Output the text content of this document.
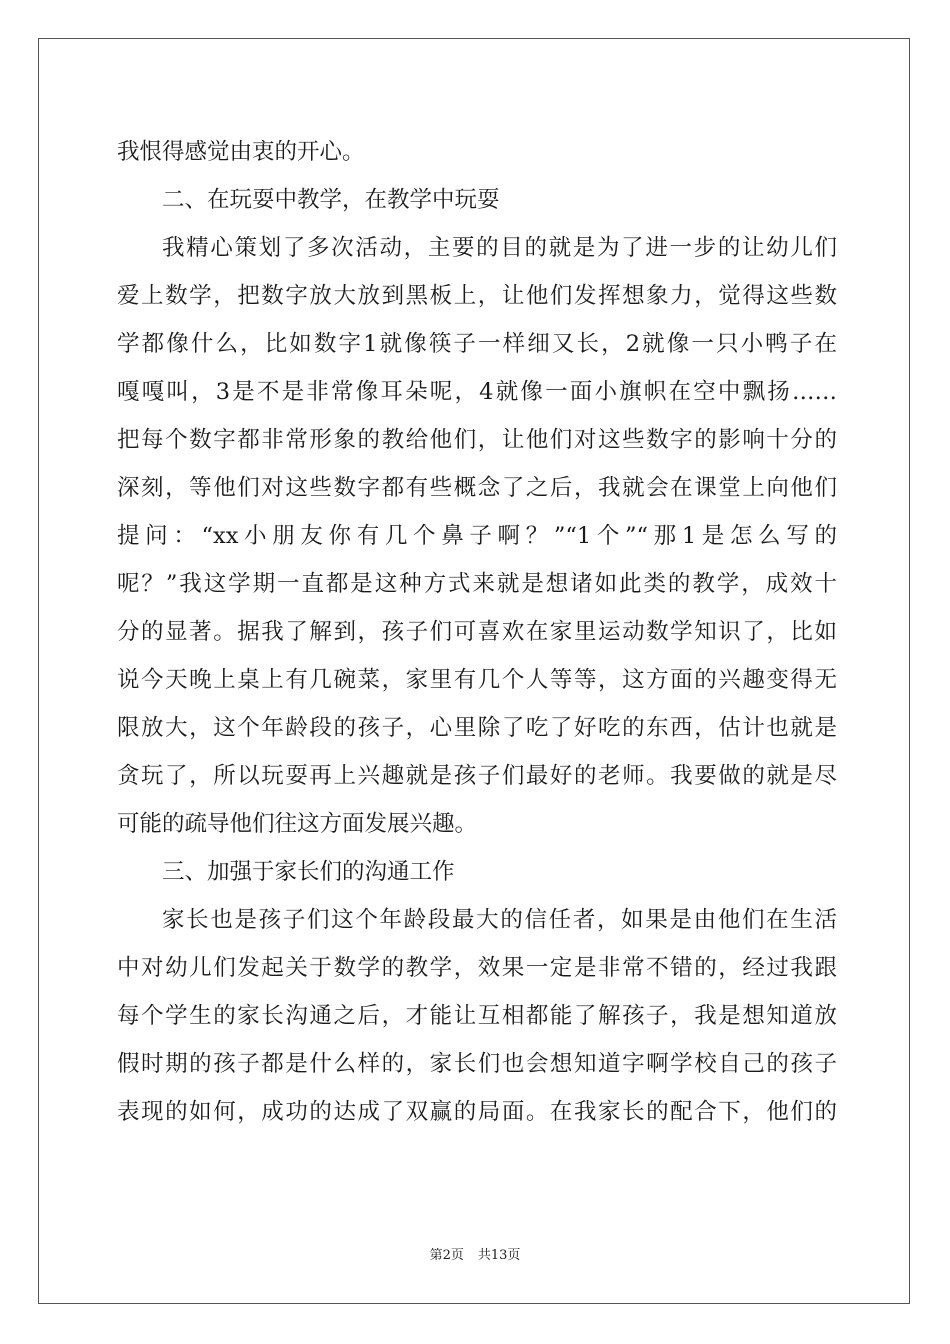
我恨得感觉由衷的开心。
二、在玩耍中教学，在教学中玩耍
我精心策划了多次活动，主要的目的就是为了进一步的让幼儿们
爱上数学，把数字放大放到黑板上，让他们发挥想象力，觉得这些数
学都像什么，比如数字1就像筷子一样细又长，2就像一只小鸭子在
嘎嘎叫，3是不是非常像耳朵呢，4就像一面小旗帜在空中飘扬……
把每个数字都非常形象的教给他们，让他们对这些数字的影响十分的
深刻，等他们对这些数字都有些概念了之后，我就会在课堂上向他们
提问：“xx小朋友你有几个鼻子啊？”“1个”“那1是怎么写的
呢？”我这学期一直都是这种方式来就是想诸如此类的教学，成效十
分的显著。据我了解到，孩子们可喜欢在家里运动数学知识了，比如
说今天晚上桌上有几碗菜，家里有几个人等等，这方面的兴趣变得无
限放大，这个年龄段的孩子，心里除了吃了好吃的东西，估计也就是
贪玩了，所以玩耍再上兴趣就是孩子们最好的老师。我要做的就是尽
可能的疏导他们往这方面发展兴趣。
三、加强于家长们的沟通工作
家长也是孩子们这个年龄段最大的信任者，如果是由他们在生活
中对幼儿们发起关于数学的教学，效果一定是非常不错的，经过我跟
每个学生的家长沟通之后，才能让互相都能了解孩子，我是想知道放
假时期的孩子都是什么样的，家长们也会想知道字啊学校自己的孩子
表现的如何，成功的达成了双赢的局面。在我家长的配合下，他们的
第2页 共13页
